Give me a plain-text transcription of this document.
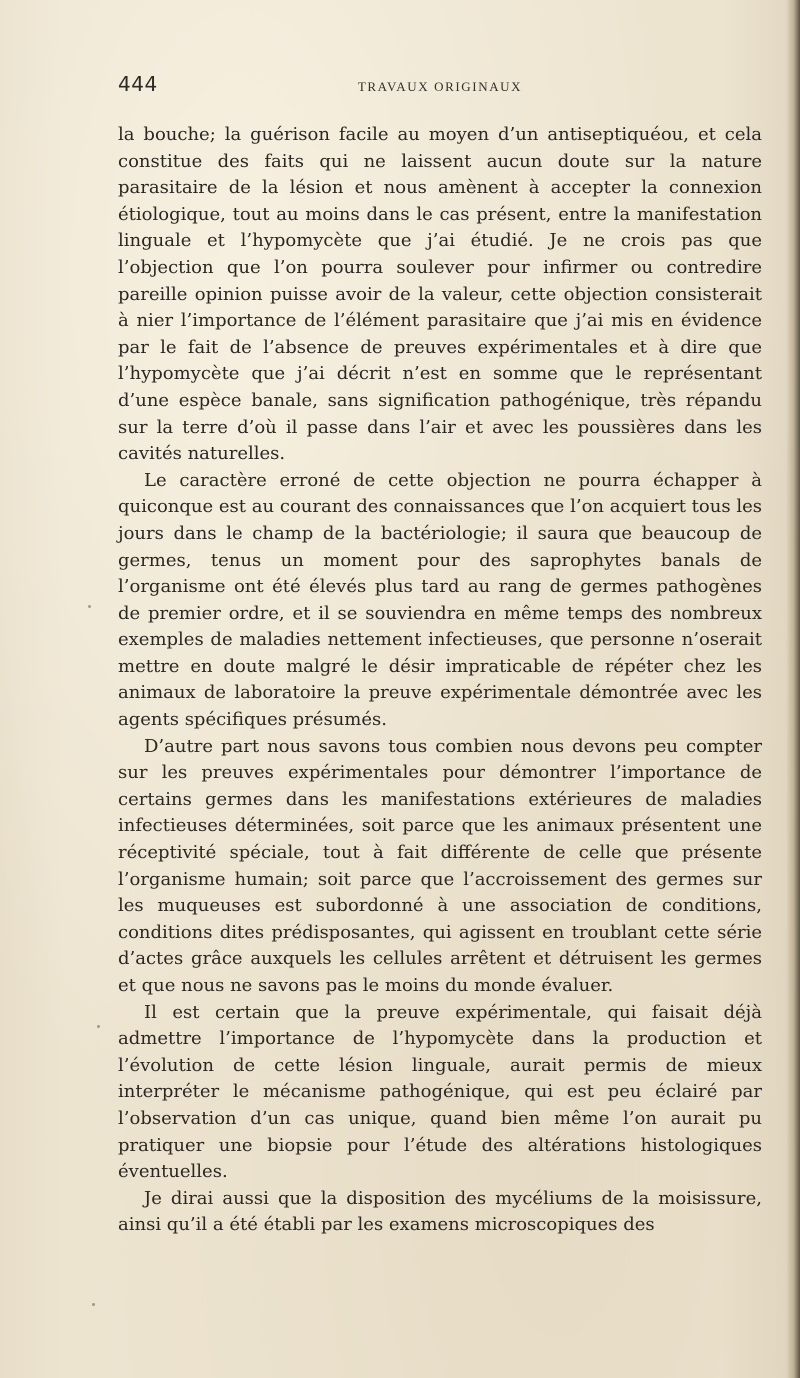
444	TRAVAUX ORIGINAUX

la bouche; la guérison facile au moyen d’un antiseptiquéou, et cela constitue des faits qui ne laissent aucun doute sur la nature parasitaire de la lésion et nous amènent à accepter la connexion étiologique, tout au moins dans le cas présent, entre la manifestation linguale et l’hypomycète que j’ai étudié. Je ne crois pas que l’objection que l’on pourra soulever pour infirmer ou contredire pareille opinion puisse avoir de la valeur, cette objection consisterait à nier l’importance de l’élément parasitaire que j’ai mis en évidence par le fait de l’absence de preuves expérimentales et à dire que l’hypomycète que j’ai décrit n’est en somme que le représentant d’une espèce banale, sans signification pathogénique, très répandu sur la terre d’où il passe dans l’air et avec les poussières dans les cavités naturelles.

Le caractère erroné de cette objection ne pourra échapper à quiconque est au courant des connaissances que l’on acquiert tous les jours dans le champ de la bactériologie; il saura que beaucoup de germes, tenus un moment pour des saprophytes banals de l’organisme ont été élevés plus tard au rang de germes pathogènes de premier ordre, et il se souviendra en même temps des nombreux exemples de maladies nettement infectieuses, que personne n’oserait mettre en doute malgré le désir impraticable de répéter chez les animaux de laboratoire la preuve expérimentale démontrée avec les agents spécifiques présumés.

D’autre part nous savons tous combien nous devons peu compter sur les preuves expérimentales pour démontrer l’importance de certains germes dans les manifestations extérieures de maladies infectieuses déterminées, soit parce que les animaux présentent une réceptivité spéciale, tout à fait différente de celle que présente l’organisme humain; soit parce que l’accroissement des germes sur les muqueuses est subordonné à une association de conditions, conditions dites prédisposantes, qui agissent en troublant cette série d’actes grâce auxquels les cellules arrêtent et détruisent les germes et que nous ne savons pas le moins du monde évaluer.

Il est certain que la preuve expérimentale, qui faisait déjà admettre l’importance de l’hypomycète dans la production et l’évolution de cette lésion linguale, aurait permis de mieux interpréter le mécanisme pathogénique, qui est peu éclairé par l’observation d’un cas unique, quand bien même l’on aurait pu pratiquer une biopsie pour l’étude des altérations histologiques éventuelles.

Je dirai aussi que la disposition des mycéliums de la moisissure, ainsi qu’il a été établi par les examens microscopiques des
